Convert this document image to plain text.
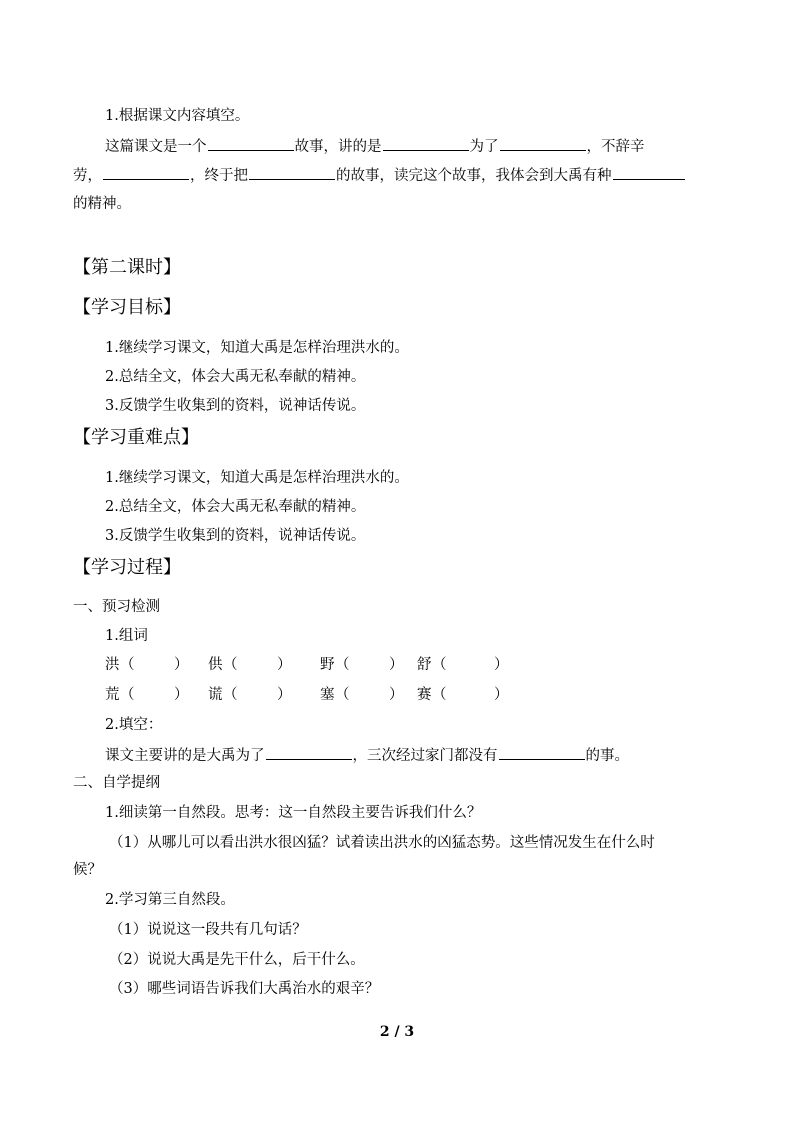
1.根据课文内容填空。
这篇课文是一个	故事，讲的是	为了	，不辞辛
劳，	，终于把	的故事，读完这个故事，我体会到大禹有种
的精神。
【第二课时】
【学习目标】
1.继续学习课文，知道大禹是怎样治理洪水的。
2.总结全文，体会大禹无私奉献的精神。
3.反馈学生收集到的资料，说神话传说。
【学习重难点】
1.继续学习课文，知道大禹是怎样治理洪水的。
2.总结全文，体会大禹无私奉献的精神。
3.反馈学生收集到的资料，说神话传说。
【学习过程】
一、预习检测
1.组词
洪 （	） 供 （	） 野 （	） 舒 （	）
荒 （	） 谎 （	） 塞 （	） 赛 （	）
2.填空：
课文主要讲的是大禹为了	，三次经过家门都没有	的事。
二、自学提纲
1.细读第一自然段。思考：这一自然段主要告诉我们什么？
（1）从哪儿可以看出洪水很凶猛？试着读出洪水的凶猛态势。这些情况发生在什么时
候？
2.学习第三自然段。
（1）说说这一段共有几句话？
（2）说说大禹是先干什么，后干什么。
（3）哪些词语告诉我们大禹治水的艰辛？
2 / 3
